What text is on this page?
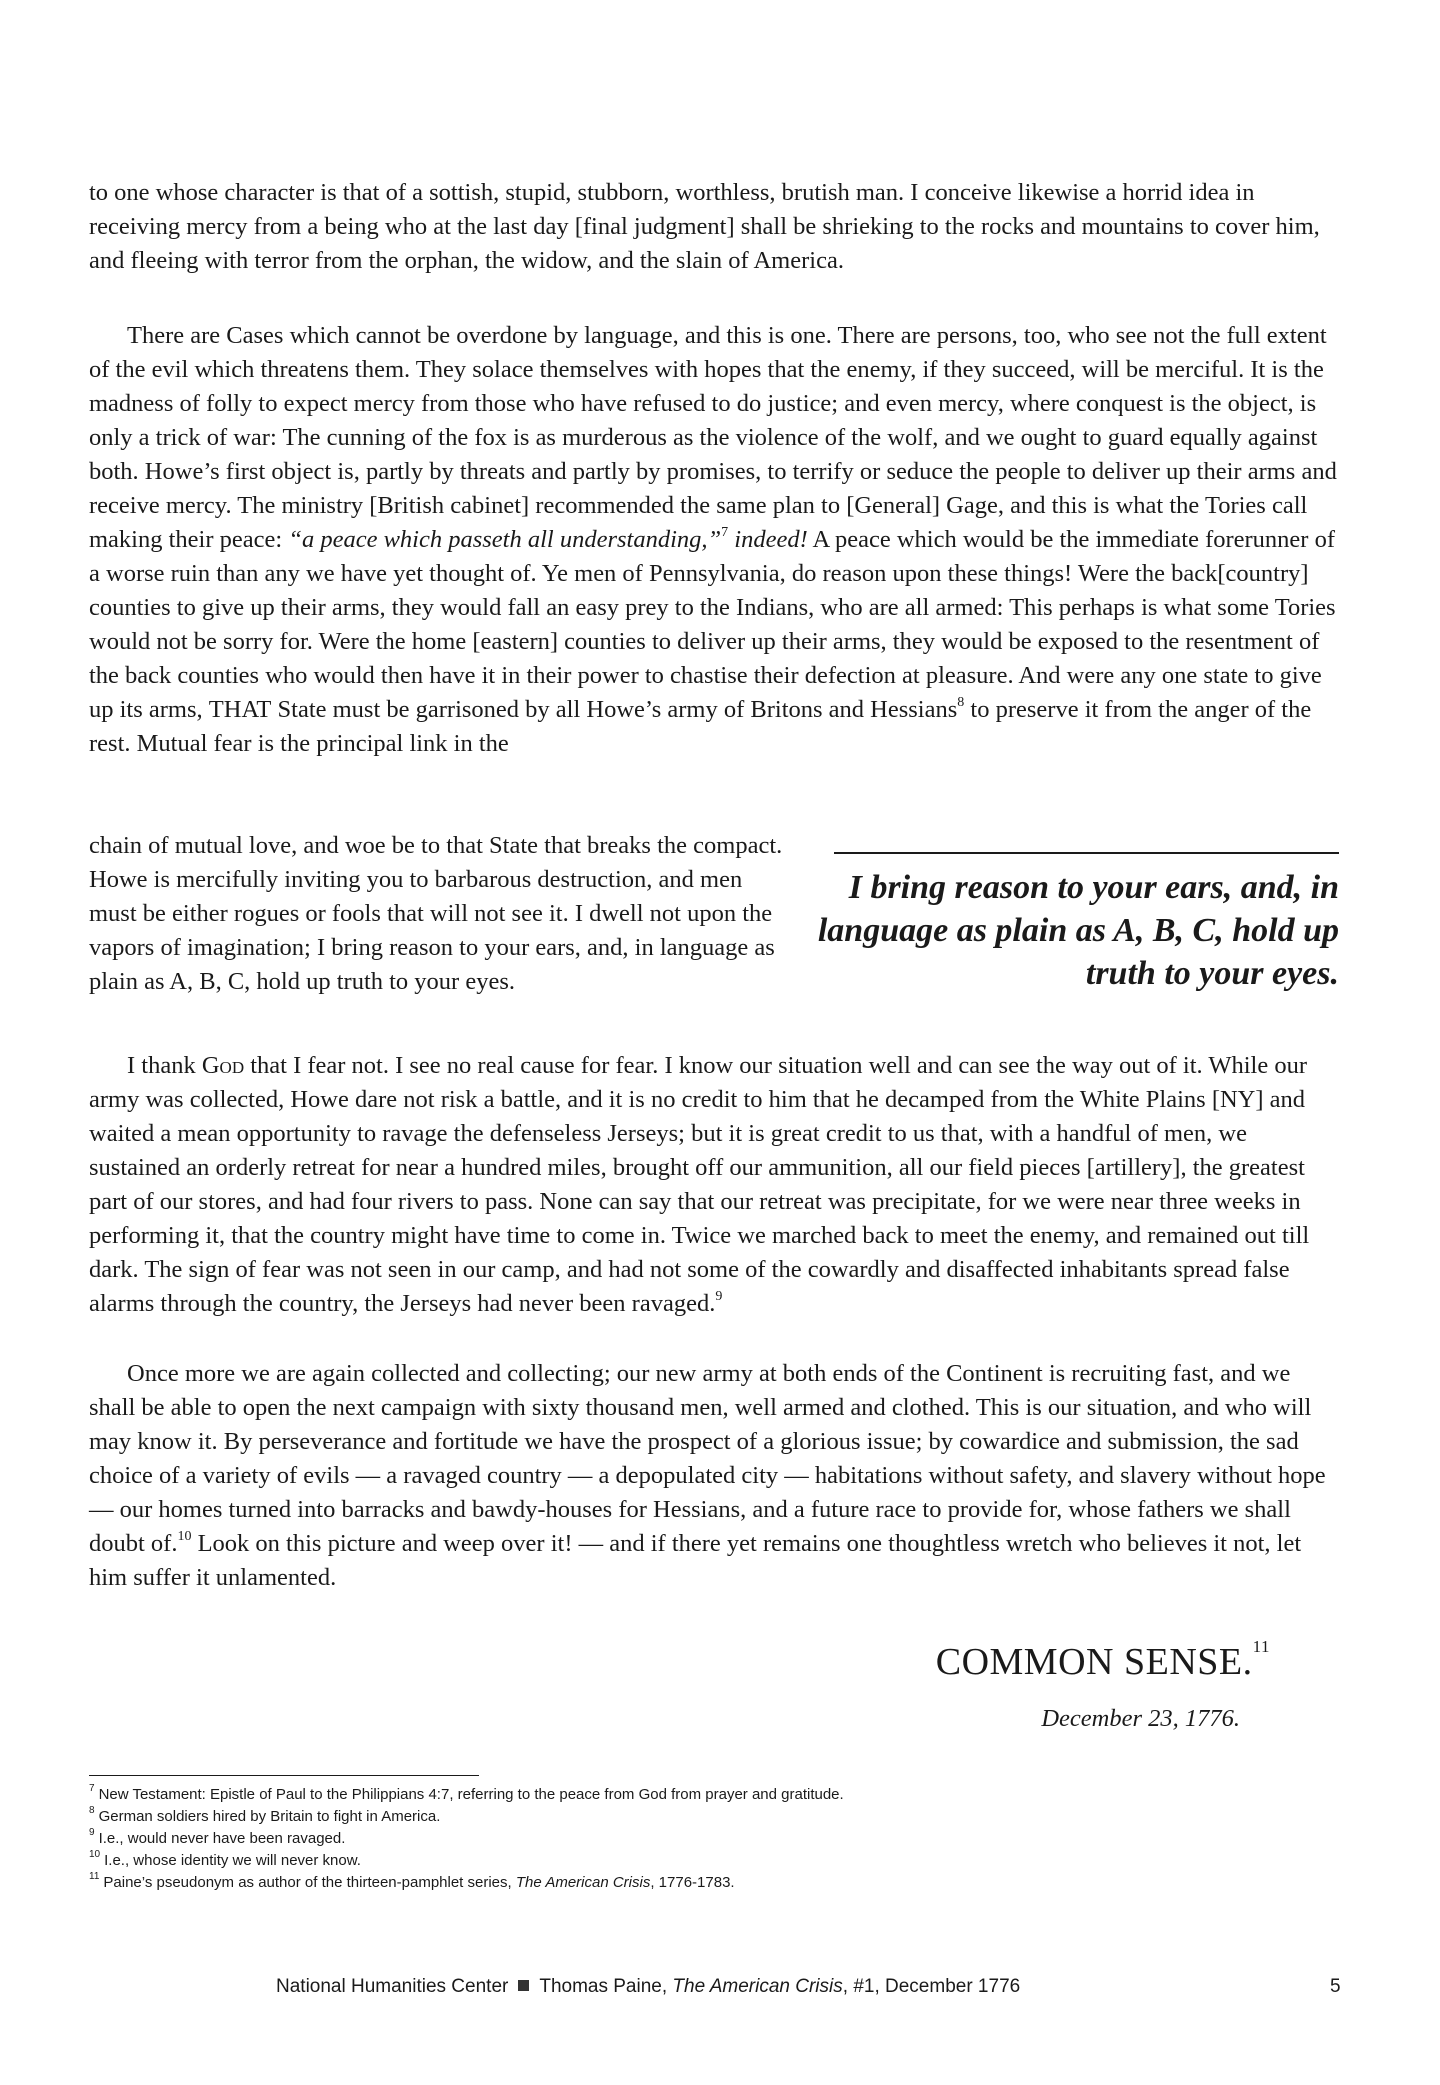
to one whose character is that of a sottish, stupid, stubborn, worthless, brutish man. I conceive likewise a horrid idea in receiving mercy from a being who at the last day [final judgment] shall be shrieking to the rocks and mountains to cover him, and fleeing with terror from the orphan, the widow, and the slain of America.

There are Cases which cannot be overdone by language, and this is one. There are persons, too, who see not the full extent of the evil which threatens them. They solace themselves with hopes that the enemy, if they succeed, will be merciful. It is the madness of folly to expect mercy from those who have refused to do justice; and even mercy, where conquest is the object, is only a trick of war: The cunning of the fox is as murderous as the violence of the wolf, and we ought to guard equally against both. Howe’s first object is, partly by threats and partly by promises, to terrify or seduce the people to deliver up their arms and receive mercy. The ministry [British cabinet] recommended the same plan to [General] Gage, and this is what the Tories call making their peace: “a peace which passeth all understanding,”$^7$ indeed! A peace which would be the immediate forerunner of a worse ruin than any we have yet thought of. Ye men of Pennsylvania, do reason upon these things! Were the back[country] counties to give up their arms, they would fall an easy prey to the Indians, who are all armed: This perhaps is what some Tories would not be sorry for. Were the home [eastern] counties to deliver up their arms, they would be exposed to the resentment of the back counties who would then have it in their power to chastise their defection at pleasure. And were any one state to give up its arms, THAT State must be garrisoned by all Howe’s army of Britons and Hessians$^8$ to preserve it from the anger of the rest. Mutual fear is the principal link in the

chain of mutual love, and woe be to that State that breaks the compact. Howe is mercifully inviting you to barbarous destruction, and men must be either rogues or fools that will not see it. I dwell not upon the vapors of imagination; I bring reason to your ears, and, in language as plain as A, B, C, hold up truth to your eyes.

I bring reason to your ears, and, in language as plain as A, B, C, hold up truth to your eyes.

I thank God that I fear not. I see no real cause for fear. I know our situation well and can see the way out of it. While our army was collected, Howe dare not risk a battle, and it is no credit to him that he decamped from the White Plains [NY] and waited a mean opportunity to ravage the defenseless Jerseys; but it is great credit to us that, with a handful of men, we sustained an orderly retreat for near a hundred miles, brought off our ammunition, all our field pieces [artillery], the greatest part of our stores, and had four rivers to pass. None can say that our retreat was precipitate, for we were near three weeks in performing it, that the country might have time to come in. Twice we marched back to meet the enemy, and remained out till dark. The sign of fear was not seen in our camp, and had not some of the cowardly and disaffected inhabitants spread false alarms through the country, the Jerseys had never been ravaged.$^9$

Once more we are again collected and collecting; our new army at both ends of the Continent is recruiting fast, and we shall be able to open the next campaign with sixty thousand men, well armed and clothed. This is our situation, and who will may know it. By perseverance and fortitude we have the prospect of a glorious issue; by cowardice and submission, the sad choice of a variety of evils — a ravaged country — a depopulated city — habitations without safety, and slavery without hope — our homes turned into barracks and bawdy-houses for Hessians, and a future race to provide for, whose fathers we shall doubt of.$^{10}$ Look on this picture and weep over it! — and if there yet remains one thoughtless wretch who believes it not, let him suffer it unlamented.

COMMON SENSE.$^{11}$

December 23, 1776.

$^7$ New Testament: Epistle of Paul to the Philippians 4:7, referring to the peace from God from prayer and gratitude.
$^8$ German soldiers hired by Britain to fight in America.
$^9$ I.e., would never have been ravaged.
$^{10}$ I.e., whose identity we will never know.
$^{11}$ Paine’s pseudonym as author of the thirteen-pamphlet series, The American Crisis, 1776-1783.
National Humanities Center Thomas Paine, The American Crisis, #1, December 1776	5
